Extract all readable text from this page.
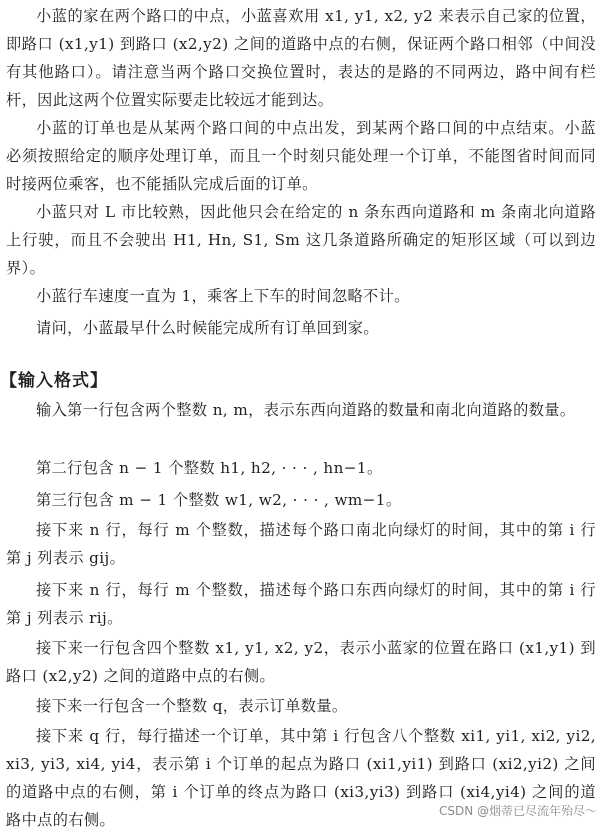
小蓝的家在两个路口的中点，小蓝喜欢用 x1, y1, x2, y2 来表示自己家的位置，即路口 (x1,y1) 到路口 (x2,y2) 之间的道路中点的右侧，保证两个路口相邻（中间没有其他路口）。请注意当两个路口交换位置时，表达的是路的不同两边，路中间有栏杆，因此这两个位置实际要走比较远才能到达。

小蓝的订单也是从某两个路口间的中点出发，到某两个路口间的中点结束。小蓝必须按照给定的顺序处理订单，而且一个时刻只能处理一个订单，不能图省时间而同时接两位乘客，也不能插队完成后面的订单。

小蓝只对 L 市比较熟，因此他只会在给定的 n 条东西向道路和 m 条南北向道路上行驶，而且不会驶出 H1, Hn, S1, Sm 这几条道路所确定的矩形区域（可以到边界）。

小蓝行车速度一直为 1，乘客上下车的时间忽略不计。

请问，小蓝最早什么时候能完成所有订单回到家。

【输入格式】

输入第一行包含两个整数 n, m，表示东西向道路的数量和南北向道路的数量。

第二行包含 n − 1 个整数 h1, h2, · · · , hn−1。

第三行包含 m − 1 个整数 w1, w2, · · · , wm−1。

接下来 n 行，每行 m 个整数，描述每个路口南北向绿灯的时间，其中的第 i 行第 j 列表示 gij。

接下来 n 行，每行 m 个整数，描述每个路口东西向绿灯的时间，其中的第 i 行第 j 列表示 rij。

接下来一行包含四个整数 x1, y1, x2, y2，表示小蓝家的位置在路口 (x1,y1) 到路口 (x2,y2) 之间的道路中点的右侧。

接下来一行包含一个整数 q，表示订单数量。

接下来 q 行，每行描述一个订单，其中第 i 行包含八个整数 xi1, yi1, xi2, yi2, xi3, yi3, xi4, yi4，表示第 i 个订单的起点为路口 (xi1,yi1) 到路口 (xi2,yi2) 之间的道路中点的右侧，第 i 个订单的终点为路口 (xi3,yi3) 到路口 (xi4,yi4) 之间的道路中点的右侧。	CSDN @烟蒂已尽流年殆尽～
